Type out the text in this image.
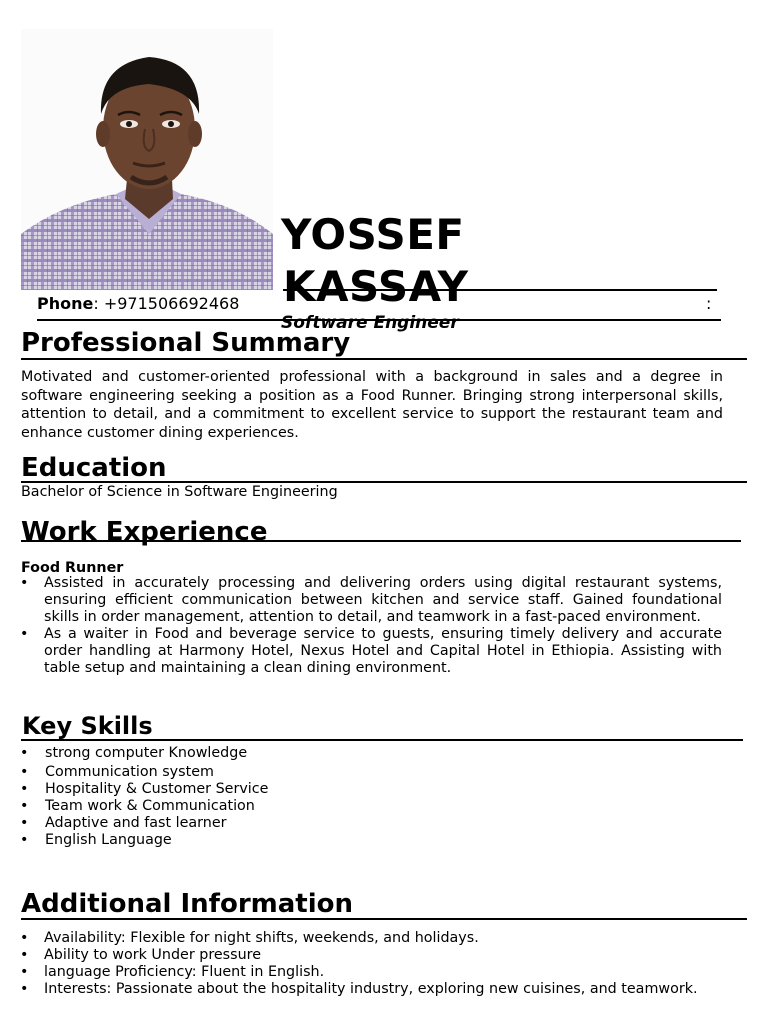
YOSSEF
KASSAY
Software Engineer
Phone: +971506692468	:
Professional Summary
Motivated and customer-oriented professional with a background in sales and a degree in software engineering seeking a position as a Food Runner. Bringing strong interpersonal skills, attention to detail, and a commitment to excellent service to support the restaurant team and enhance customer dining experiences.
Education
Bachelor of Science in Software Engineering
Work Experience
Food Runner
• Assisted in accurately processing and delivering orders using digital restaurant systems, ensuring efficient communication between kitchen and service staff. Gained foundational skills in order management, attention to detail, and teamwork in a fast-paced environment.
• As a waiter in Food and beverage service to guests, ensuring timely delivery and accurate order handling at Harmony Hotel, Nexus Hotel and Capital Hotel in Ethiopia. Assisting with table setup and maintaining a clean dining environment.
Key Skills
• strong computer Knowledge
• Communication system
• Hospitality & Customer Service
• Team work & Communication
• Adaptive and fast learner
• English Language
Additional Information
• Availability: Flexible for night shifts, weekends, and holidays.
• Ability to work Under pressure
• language Proficiency: Fluent in English.
• Interests: Passionate about the hospitality industry, exploring new cuisines, and teamwork.
